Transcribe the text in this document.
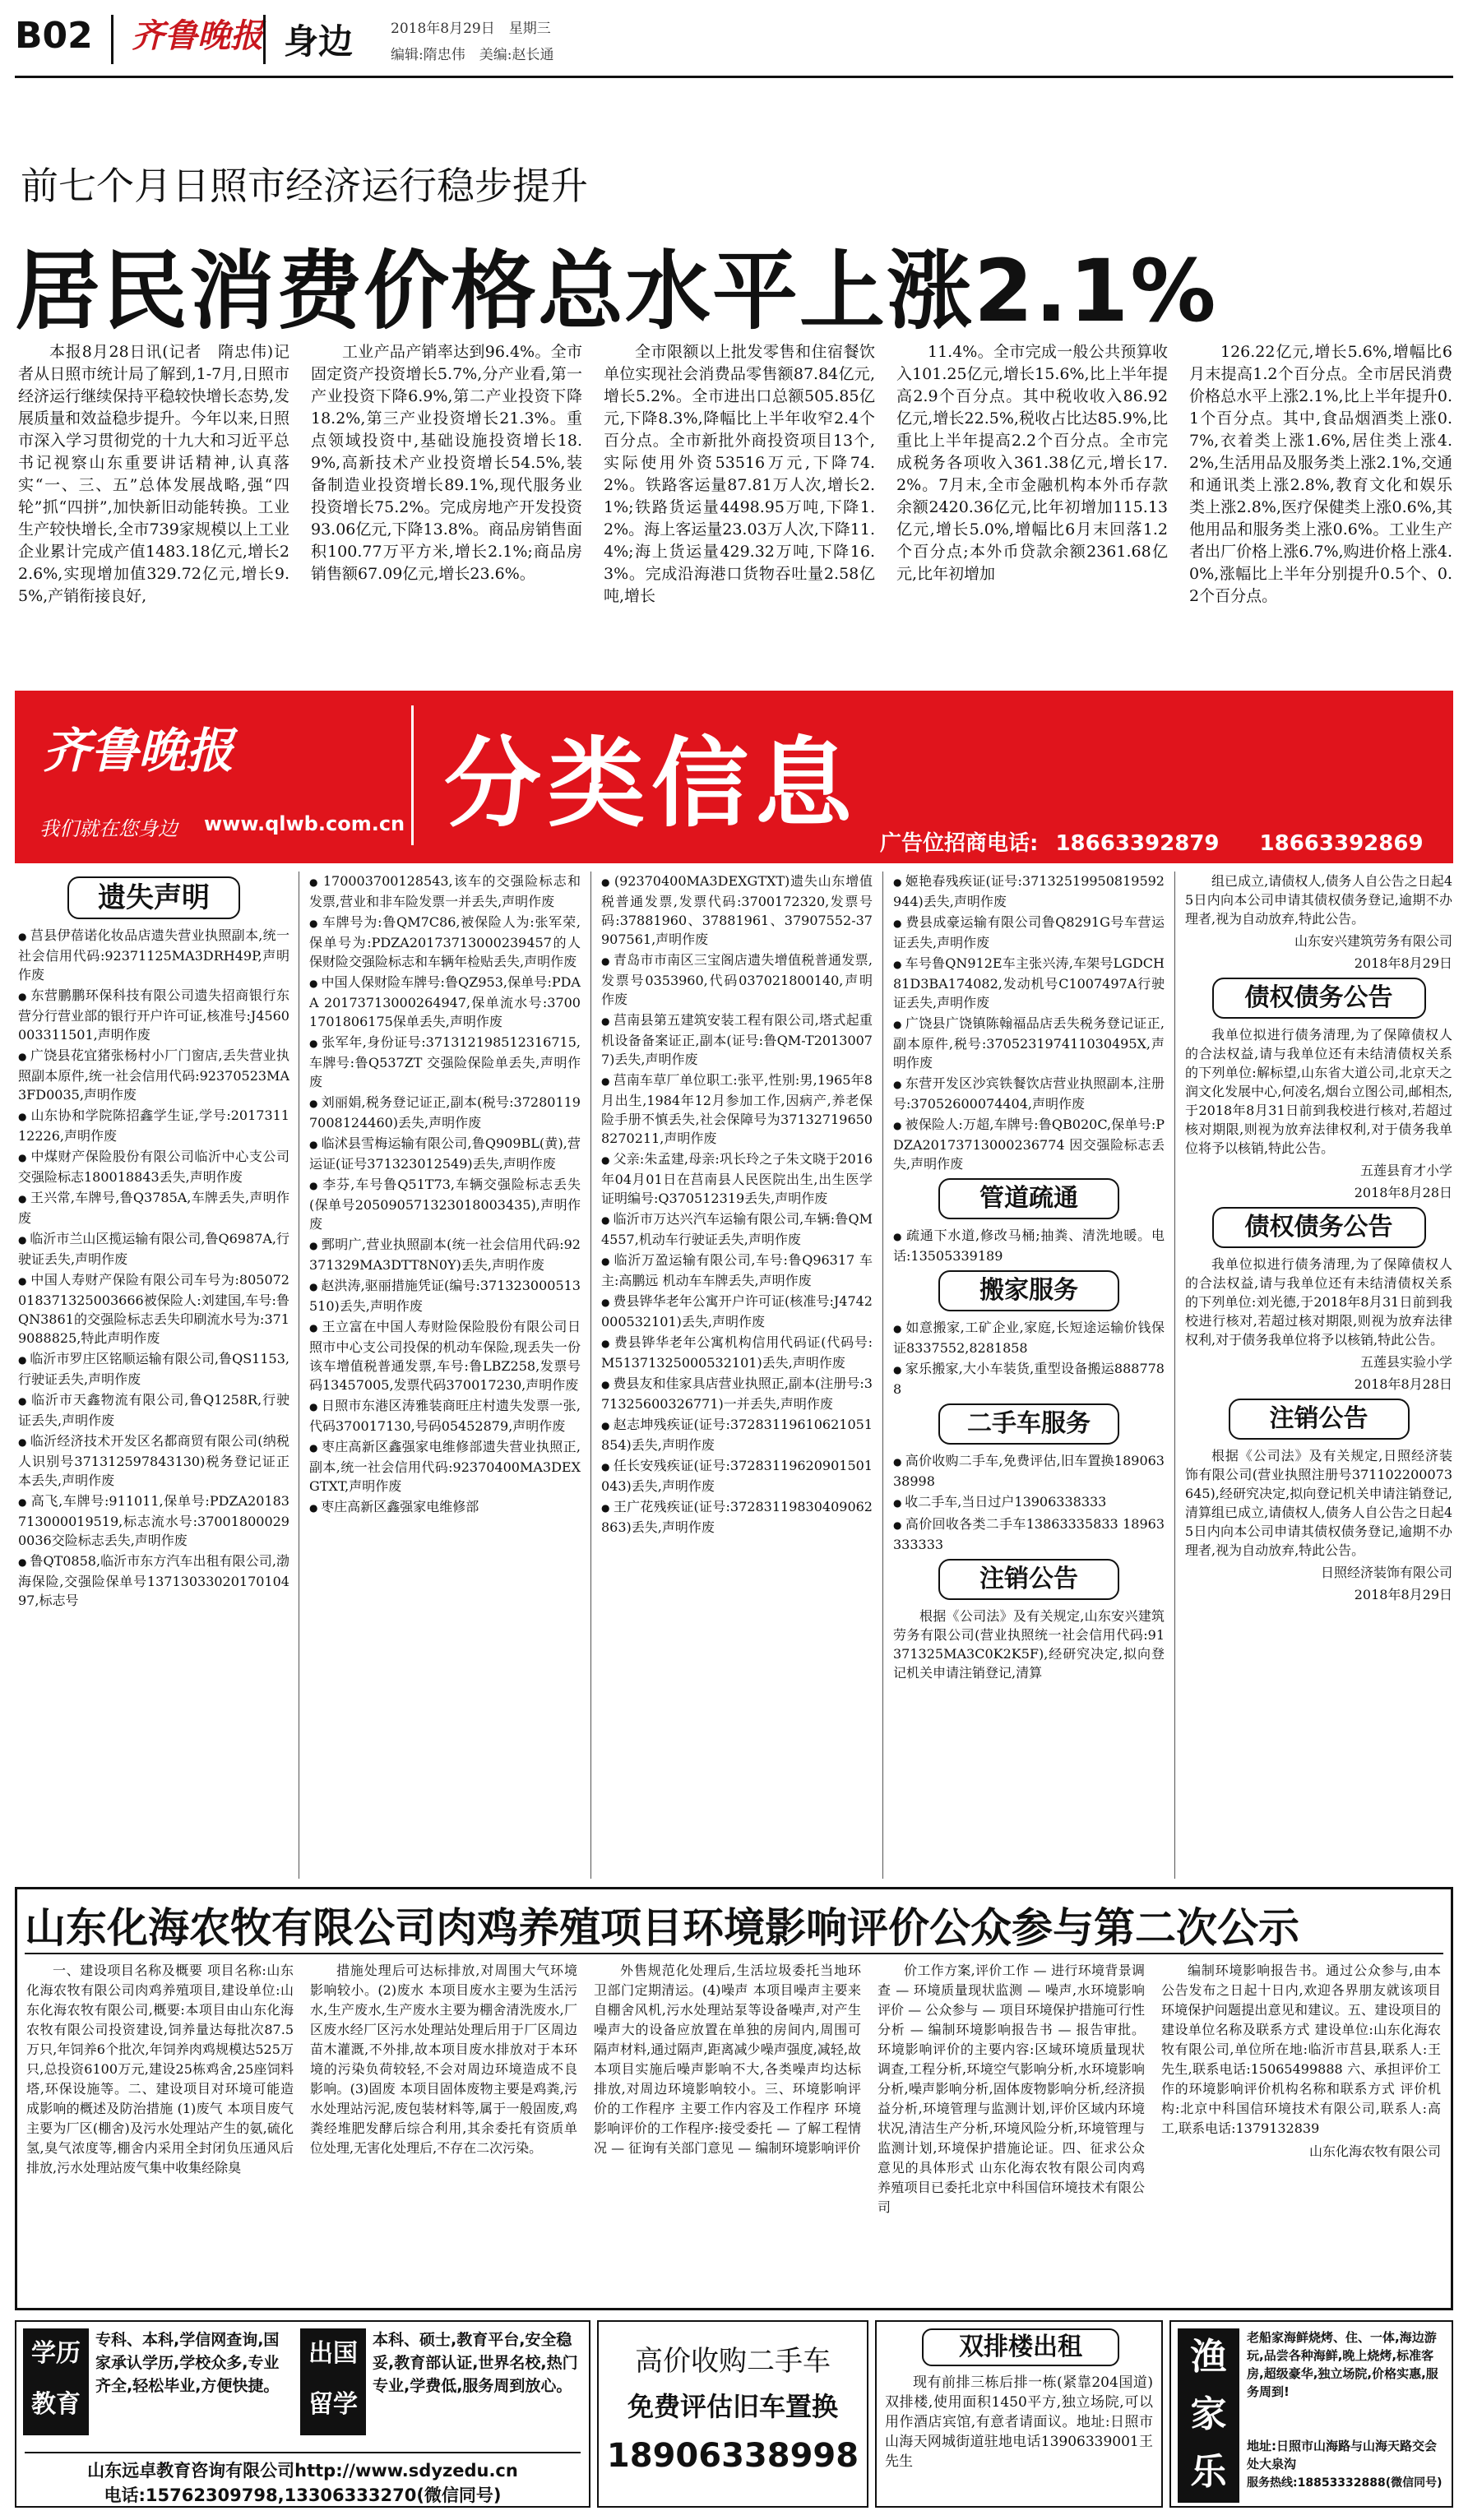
B02 齐鲁晚报 身边	2018年8月29日　星期三
编辑:隋忠伟　美编:赵长通
前七个月日照市经济运行稳步提升
居民消费价格总水平上涨2.1%

本报8月28日讯(记者　隋忠伟)记者从日照市统计局了解到,1-7月,日照市经济运行继续保持平稳较快增长态势,发展质量和效益稳步提升。今年以来,日照市深入学习贯彻党的十九大和习近平总书记视察山东重要讲话精神,认真落实“一、三、五”总体发展战略,强“四轮”抓“四拼”,加快新旧动能转换。工业生产较快增长,全市739家规模以上工业企业累计完成产值1483.18亿元,增长22.6%,实现增加值329.72亿元,增长9.5%,产销衔接良好,

工业产品产销率达到96.4%。全市固定资产投资增长5.7%,分产业看,第一产业投资下降6.9%,第二产业投资下降18.2%,第三产业投资增长21.3%。重点领域投资中,基础设施投资增长18.9%,高新技术产业投资增长54.5%,装备制造业投资增长89.1%,现代服务业投资增长75.2%。完成房地产开发投资93.06亿元,下降13.8%。商品房销售面积100.77万平方米,增长2.1%;商品房销售额67.09亿元,增长23.6%。

全市限额以上批发零售和住宿餐饮单位实现社会消费品零售额87.84亿元,增长5.2%。全市进出口总额505.85亿元,下降8.3%,降幅比上半年收窄2.4个百分点。全市新批外商投资项目13个,实际使用外资53516万元,下降74.2%。铁路客运量87.81万人次,增长2.1%;铁路货运量4498.95万吨,下降1.2%。海上客运量23.03万人次,下降11.4%;海上货运量429.32万吨,下降16.3%。完成沿海港口货物吞吐量2.58亿吨,增长

11.4%。全市完成一般公共预算收入101.25亿元,增长15.6%,比上半年提高2.9个百分点。其中税收收入86.92亿元,增长22.5%,税收占比达85.9%,比重比上半年提高2.2个百分点。全市完成税务各项收入361.38亿元,增长17.2%。7月末,全市金融机构本外币存款余额2420.36亿元,比年初增加115.13亿元,增长5.0%,增幅比6月末回落1.2个百分点;本外币贷款余额2361.68亿元,比年初增加

126.22亿元,增长5.6%,增幅比6月末提高1.2个百分点。全市居民消费价格总水平上涨2.1%,比上半年提升0.1个百分点。其中,食品烟酒类上涨0.7%,衣着类上涨1.6%,居住类上涨4.2%,生活用品及服务类上涨2.1%,交通和通讯类上涨2.8%,教育文化和娱乐类上涨2.8%,医疗保健类上涨0.6%,其他用品和服务类上涨0.6%。工业生产者出厂价格上涨6.7%,购进价格上涨4.0%,涨幅比上半年分别提升0.5个、0.2个百分点。

齐鲁晚报
我们就在您身边 www.qlwb.com.cn 分类信息
广告位招商电话: 18663392879 18663392869
遗失声明
● 莒县伊蓓诺化妆品店遗失营业执照副本,统一社会信用代码:92371125MA3DRH49P,声明作废
● 东营鹏鹏环保科技有限公司遗失招商银行东营分行营业部的银行开户许可证,核准号:J4560003311501,声明作废
● 广饶县花宜猪张杨村小厂门窗店,丢失营业执照副本原件,统一社会信用代码:92370523MA3FD0035,声明作废
● 山东协和学院陈招鑫学生证,学号:201731112226,声明作废
● 中煤财产保险股份有限公司临沂中心支公司交强险标志180018843丢失,声明作废
● 王兴常,车牌号,鲁Q3785A,车牌丢失,声明作废
● 临沂市兰山区揽运输有限公司,鲁Q6987A,行驶证丢失,声明作废
● 中国人寿财产保险有限公司车号为:805072018371325003666被保险人:刘建国,车号:鲁QN3861的交强险标志丢失印刷流水号为:371908882​5,特此声明作废
● 临沂市罗庄区铭顺运输有限公司,鲁QS1153,行驶证丢失,声明作废
● 临沂市天鑫物流有限公司,鲁Q1258R,行驶证丢失,声明作废
● 临沂经济技术开发区名都商贸有限公司(纳税人识别号371312597843130)税务登记证正本丢失,声明作废
● 高飞,车牌号:911011,保单号:PDZA20183713000019519,标志流水号:370018000290036交险标志丢失,声明作废
● 鲁QT0858,临沂市东方汽车出租有限公司,渤海保险,交强险保单号137130330201701​0497,标志号
● 1700037001285​43,该车的交强险标志和发票,营业和非车险发票一并丢失,声明作废
● 车牌号为:鲁QM7C86,被保险人为:张军荣,保单号为:PDZA20173713000239457的人保财险交强险标志和车辆年检贴丢失,声明作废
● 中国人保财险车牌号:鲁QZ953,保单号:PDAA 20173713000264947,保单流水号:370017018061​75保单丢失,声明作废
● 张军年,身份证号:371312198512316715,车牌号:鲁Q537ZT 交强险保险单丢失,声明作废
● 刘丽娟,税务登记证正,副本(税号:372801197008124460)丢失,声明作废
● 临沭县雪梅运输有限公司,鲁Q909BL(黄),营运证(证号371323012549)丢失,声明作废
● 李芬,车号鲁Q51T73,车辆交强险标志丢失(保单号205090571323018003435),声明作废
● 鄄明广,营业执照副本(统一社会信用代码:92371329MA3DTT8N0Y)丢失,声明作废
● 赵洪涛,驱丽措施凭证(编号:371323000513510)丢失,声明作废
● 王立富在中国人寿财险保险股份有限公司日照市中心支公司投保的机动车保险,现丢失一份该车增值税普通发票,车号:鲁LBZ258,发票号码13457005,发票代码370017230,声明作废
● 日照市东港区涛雅装商旺庄村遗失发票一张,代码370017130,号码05452879,声明作废
● 枣庄高新区鑫强家电维修部遗失营业执照正,副本,统一社会信用代码:92370400MA3DEXGTXT,声明作废
● 枣庄高新区鑫强家电维修部
● (92370400MA3DEXGTXT)遗失山东增值税普通发票,发票代码:3700172320,发票号码:37881960、37881961、37907552-37907561,声明作废
● 青岛市市南区三宝阁店遗失增值税普通发票,发票号0353960,代码0370218001​40,声明作废
● 莒南县第五建筑安装工程有限公司,塔式起重机设备备案证正,副本(证号:鲁QM-T20130077)丢失,声明作废
● 莒南车草厂单位职工:张平,性别:男,1965年8月出生,1984年12月参加工作,因病产,养老保险手册不慎丢失,社会保障号为371327196508270211,声明作废
● 父亲:朱孟建,母亲:巩长玲之子朱文晓于2016年04月01日在莒南县人民医院出生,出生医学证明编号:Q370512319丢失,声明作废
● 临沂市万达兴汽车运输有限公司,车辆:鲁QM4557,机动车行驶证丢失,声明作废
● 临沂万盈运输有限公司,车号:鲁Q96317 车主:高鹏远 机动车车牌丢失,声明作废
● 费县铧华老年公寓开户许可证(核准号:J4742000532101)丢失,声明作废
● 费县铧华老年公寓机构信用代码证(代码号:M5137132500053210​1)丢失,声明作废
● 费县友和佳家具店营业执照正,副本(注册号:371325600326771)一并丢失,声明作废
● 赵志坤残疾证(证号:3728311961062105185​4)丢失,声明作废
● 任长安残疾证(证号:37283119620901501043)丢失,声明作废
● 王广花残疾证(证号:37283119830409062863)丢失,声明作废
● 姬艳春残疾证(证号:37132519950819592944)丢失,声明作废
● 费县成豪运输有限公司鲁Q8291G号车营运证丢失,声明作废
● 车号鲁QN912E车主张兴涛,车架号LGDCH81D3BA174082,发动机号C100749​7A行驶证丢失,声明作废
● 广饶县广饶镇陈翰福品店丢失税务登记证正,副本原件,税号:370523197411030495X,声明作废
● 东营开发区沙宾铁餐饮店营业执照副本,注册号:3705260007440​4,声明作废
● 被保险人:万超,车牌号:鲁QB020C,保单号:PDZA20173713000236774 因交强险标志丢失,声明作废
管道疏通
● 疏通下水道,修改马桶;抽粪、清洗地暖。电话:13505339189
搬家服务
● 如意搬家,工矿企业,家庭,长短途运输价钱保证8337552,8281858
● 家乐搬家,大小车装货,重型设备搬运8887788
二手车服务
● 高价收购二手车,免费评估,旧车置换18906338998
● 收二手车,当日过户13906338333
● 高价回收各类二手车13863335833 18963333333
注销公告
根据《公司法》及有关规定,山东安兴建筑劳务有限公司(营业执照统一社会信用代码:91371325MA3C0K2K5F),经研究决定,拟向登记机关申请注销登记,清算
组已成立,请债权人,债务人自公告之日起45日内向本公司申请其债权债务登记,逾期不办理者,视为自动放弃,特此公告。
山东安兴建筑劳务有限公司
2018年8月29日
债权债务公告
我单位拟进行债务清理,为了保障债权人的合法权益,请与我单位还有未结清债权关系的下列单位:解标望,山东省大道公司,北京天之润文化发展中心,何凌名,烟台立图公司,邮相杰,于2018年8月31日前到我校进行核对,若超过核对期限,则视为放弃法律权利,对于债务我单位将予以核销,特此公告。
五莲县育才小学
2018年8月28日
债权债务公告
我单位拟进行债务清理,为了保障债权人的合法权益,请与我单位还有未结清债权关系的下列单位:刘光德,于2018年8月31日前到我校进行核对,若超过核对期限,则视为放弃法律权利,对于债务我单位将予以核销,特此公告。
五莲县实验小学
2018年8月28日
注销公告
根据《公司法》及有关规定,日照经济装饰有限公司(营业执照注册号3711022000736​45),经研究决定,拟向登记机关申请注销登记,清算组已成立,请债权人,债务人自公告之日起45日内向本公司申请其债权债务登记,逾期不办理者,视为自动放弃,特此公告。
日照经济装饰有限公司
2018年8月29日
山东化海农牧有限公司肉鸡养殖项目环境影响评价公众参与第二次公示

一、建设项目名称及概要 项目名称:山东化海农牧有限公司肉鸡养殖项目,建设单位:山东化海农牧有限公司,概要:本项目由山东化海农牧有限公司投资建设,饲养量达每批次87.5万只,年饲养6个批次,年饲养肉鸡规模达525万只,总投资6100万元,建设25栋鸡舍,25座饲料塔,环保设施等。二、建设项目对环境可能造成影响的概述及防治措施 (1)废气 本项目废气主要为厂区(棚舍)及污水处理站产生的氨,硫化氢,臭气浓度等,棚舍内采用全封闭负压通风后排放,污水处理站废气集中收集经除臭

措施处理后可达标排放,对周围大气环境影响较小。(2)废水 本项目废水主要为生活污水,生产废水,生产废水主要为棚舍清洗废水,厂区废水经厂区污水处理站处理后用于厂区周边苗木灌溉,不外排,故本项目废水排放对于本环境的污染负荷较轻,不会对周边环境造成不良影响。(3)固废 本项目固体废物主要是鸡粪,污水处理站污泥,废包装材料等,属于一般固废,鸡粪经堆肥发酵后综合利用,其余委托有资质单位处理,无害化处理后,不存在二次污染。

外售规范化处理后,生活垃圾委托当地环卫部门定期清运。(4)噪声 本项目噪声主要来自棚舍风机,污水处理站泵等设备噪声,对产生噪声大的设备应放置在单独的房间内,周围可隔声材料,通过隔声,距离减少噪声强度,减轻,故本项目实施后噪声影响不大,各类噪声均达标排放,对周边环境影响较小。三、环境影响评价的工作程序 主要工作内容及工作程序 环境影响评价的工作程序:接受委托 — 了解工程情况 — 征询有关部门意见 — 编制环境影响评价

价工作方案,评价工作 — 进行环境背景调查 — 环境质量现状监测 — 噪声,水环境影响评价 — 公众参与 — 项目环境保护措施可行性分析 — 编制环境影响报告书 — 报告审批。 环境影响评价的主要内容:区域环境质量现状调查,工程分析,环境空气影响分析,水环境影响分析,噪声影响分析,固体废物影响分析,经济损益分析,环境管理与监测计划,评价区域内环境状况,清洁生产分析,环境风险分析,环境管理与监测计划,环境保护措施论证。四、征求公众意见的具体形式 山东化海农牧有限公司肉鸡养殖项目已委托北京中科国信环境技术有限公司

编制环境影响报告书。通过公众参与,由本公告发布之日起十日内,欢迎各界朋友就该项目环境保护问题提出意见和建议。五、建设项目的建设单位名称及联系方式 建设单位:山东化海农牧有限公司,单位所在地:临沂市莒县,联系人:王先生,联系电话:15065499888 六、承担评价工作的环境影响评价机构名称和联系方式 评价机构:北京中科国信环境技术有限公司,联系人:高工,联系电话:13791328​39

山东化海农牧有限公司

学历
教育
专科、本科,学信网查询,国家承认学历,学校众多,专业齐全,轻松毕业,方便快捷。
出国
留学
本科、硕士,教育平台,安全稳妥,教育部认证,世界名校,热门专业,学费低,服务周到放心。
山东远卓教育咨询有限公司http://www.sdyzedu.cn
电话:15762309798,13306333270(微信同号)
高价收购二手车
免费评估旧车置换
18906338998
双排楼出租
现有前排三栋后排一栋(紧靠204国道)双排楼,使用面积1450平方,独立场院,可以用作酒店宾馆,有意者请面议。地址:日照市山海天网城街道驻地电话13906339001王先生
渔
家
乐
老船家海鲜烧烤、住、一体,海边游玩,品尝各种海鲜,晚上烧烤,标准客房,超级豪华,独立场院,价格实惠,服务周到!
地址:日照市山海路与山海天路交会处大泉沟
服务热线:18853332888(微信同号)
